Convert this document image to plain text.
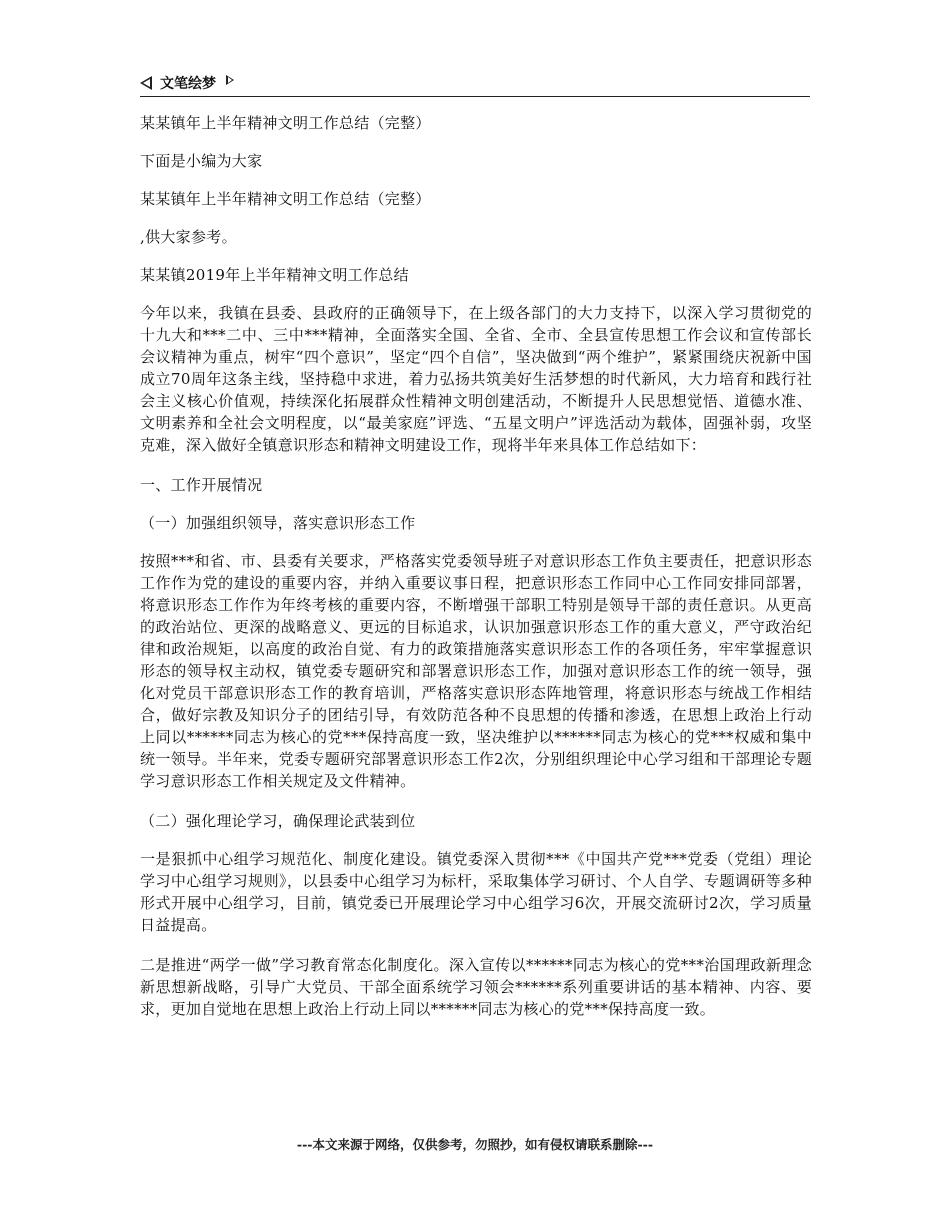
文笔绘梦

某某镇年上半年精神文明工作总结（完整）

下面是小编为大家

某某镇年上半年精神文明工作总结（完整）

,供大家参考。

某某镇2019年上半年精神文明工作总结

今年以来，我镇在县委、县政府的正确领导下，在上级各部门的大力支持下，以深入学习贯彻党的十九大和***二中、三中***精神，全面落实全国、全省、全市、全县宣传思想工作会议和宣传部长会议精神为重点，树牢“四个意识”，坚定“四个自信”，坚决做到“两个维护”，紧紧围绕庆祝新中国成立70周年这条主线，坚持稳中求进，着力弘扬共筑美好生活梦想的时代新风，大力培育和践行社会主义核心价值观，持续深化拓展群众性精神文明创建活动，不断提升人民思想觉悟、道德水准、文明素养和全社会文明程度，以“最美家庭”评选、“五星文明户”评选活动为载体，固强补弱，攻坚克难，深入做好全镇意识形态和精神文明建设工作，现将半年来具体工作总结如下：

一、工作开展情况

（一）加强组织领导，落实意识形态工作

按照***和省、市、县委有关要求，严格落实党委领导班子对意识形态工作负主要责任，把意识形态工作作为党的建设的重要内容，并纳入重要议事日程，把意识形态工作同中心工作同安排同部署，将意识形态工作作为年终考核的重要内容，不断增强干部职工特别是领导干部的责任意识。从更高的政治站位、更深的战略意义、更远的目标追求，认识加强意识形态工作的重大意义，严守政治纪律和政治规矩，以高度的政治自觉、有力的政策措施落实意识形态工作的各项任务，牢牢掌握意识形态的领导权主动权，镇党委专题研究和部署意识形态工作，加强对意识形态工作的统一领导，强化对党员干部意识形态工作的教育培训，严格落实意识形态阵地管理，将意识形态与统战工作相结合，做好宗教及知识分子的团结引导，有效防范各种不良思想的传播和渗透，在思想上政治上行动上同以******同志为核心的党***保持高度一致，坚决维护以******同志为核心的党***权威和集中统一领导。半年来，党委专题研究部署意识形态工作2次，分别组织理论中心学习组和干部理论专题学习意识形态工作相关规定及文件精神。

（二）强化理论学习，确保理论武装到位

一是狠抓中心组学习规范化、制度化建设。镇党委深入贯彻***《中国共产党***党委（党组）理论学习中心组学习规则》，以县委中心组学习为标杆，采取集体学习研讨、个人自学、专题调研等多种形式开展中心组学习，目前，镇党委已开展理论学习中心组学习6次，开展交流研讨2次，学习质量日益提高。

二是推进“两学一做”学习教育常态化制度化。深入宣传以******同志为核心的党***治国理政新理念新思想新战略，引导广大党员、干部全面系统学习领会******系列重要讲话的基本精神、内容、要求，更加自觉地在思想上政治上行动上同以******同志为核心的党***保持高度一致。

---本文来源于网络，仅供参考，勿照抄，如有侵权请联系删除---
